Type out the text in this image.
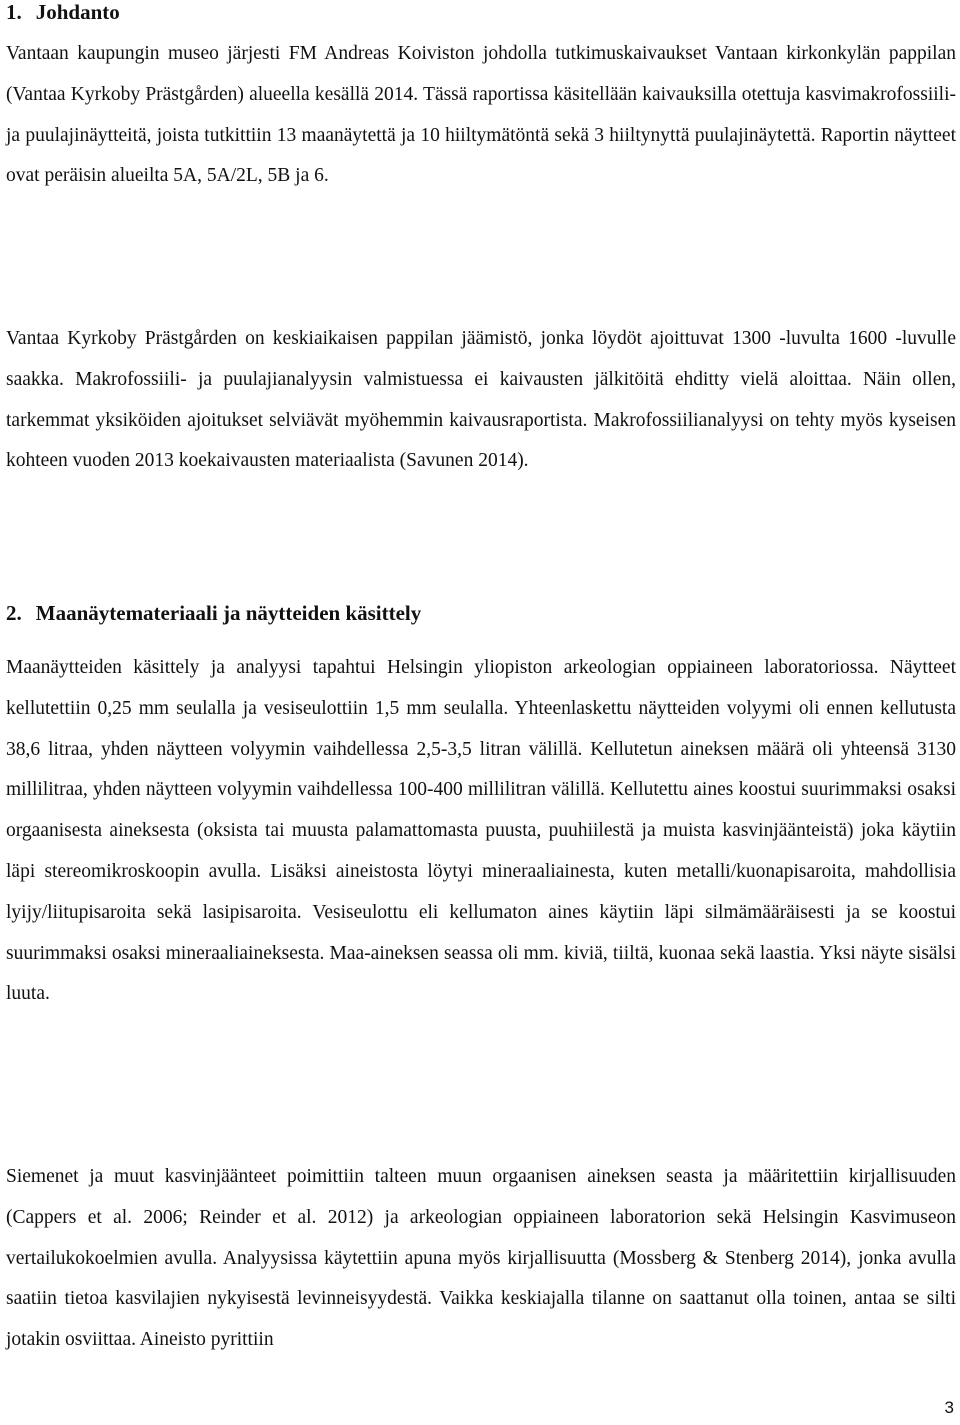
1. Johdanto

Vantaan kaupungin museo järjesti FM Andreas Koiviston johdolla tutkimuskaivaukset Vantaan kirkonkylän pappilan (Vantaa Kyrkoby Prästgården) alueella kesällä 2014. Tässä raportissa käsitellään kaivauksilla otettuja kasvimakrofossiili- ja puulajinäytteitä, joista tutkittiin 13 maanäytettä ja 10 hiiltymätöntä sekä 3 hiiltynyttä puulajinäytettä. Raportin näytteet ovat peräisin alueilta 5A, 5A/2L, 5B ja 6.

Vantaa Kyrkoby Prästgården on keskiaikaisen pappilan jäämistö, jonka löydöt ajoittuvat 1300 -luvulta 1600 -luvulle saakka. Makrofossiili- ja puulajianalyysin valmistuessa ei kaivausten jälkitöitä ehditty vielä aloittaa. Näin ollen, tarkemmat yksiköiden ajoitukset selviävät myöhemmin kaivausraportista. Makrofossiilianalyysi on tehty myös kyseisen kohteen vuoden 2013 koekaivausten materiaalista (Savunen 2014).

2. Maanäytemateriaali ja näytteiden käsittely

Maanäytteiden käsittely ja analyysi tapahtui Helsingin yliopiston arkeologian oppiaineen laboratoriossa. Näytteet kellutettiin 0,25 mm seulalla ja vesiseulottiin 1,5 mm seulalla. Yhteenlaskettu näytteiden volyymi oli ennen kellutusta 38,6 litraa, yhden näytteen volyymin vaihdellessa 2,5-3,5 litran välillä. Kellutetun aineksen määrä oli yhteensä 3130 millilitraa, yhden näytteen volyymin vaihdellessa 100-400 millilitran välillä. Kellutettu aines koostui suurimmaksi osaksi orgaanisesta aineksesta (oksista tai muusta palamattomasta puusta, puuhiilestä ja muista kasvinjäänteistä) joka käytiin läpi stereomikroskoopin avulla. Lisäksi aineistosta löytyi mineraaliainesta, kuten metalli/kuonapisaroita, mahdollisia lyijy/liitupisaroita sekä lasipisaroita. Vesiseulottu eli kellumaton aines käytiin läpi silmämääräisesti ja se koostui suurimmaksi osaksi mineraaliaineksesta. Maa-aineksen seassa oli mm. kiviä, tiiltä, kuonaa sekä laastia. Yksi näyte sisälsi luuta.

Siemenet ja muut kasvinjäänteet poimittiin talteen muun orgaanisen aineksen seasta ja määritettiin kirjallisuuden (Cappers et al. 2006; Reinder et al. 2012) ja arkeologian oppiaineen laboratorion sekä Helsingin Kasvimuseon vertailukokoelmien avulla. Analyysissa käytettiin apuna myös kirjallisuutta (Mossberg & Stenberg 2014), jonka avulla saatiin tietoa kasvilajien nykyisestä levinneisyydestä. Vaikka keskiajalla tilanne on saattanut olla toinen, antaa se silti jotakin osviittaa. Aineisto pyrittiin

3
